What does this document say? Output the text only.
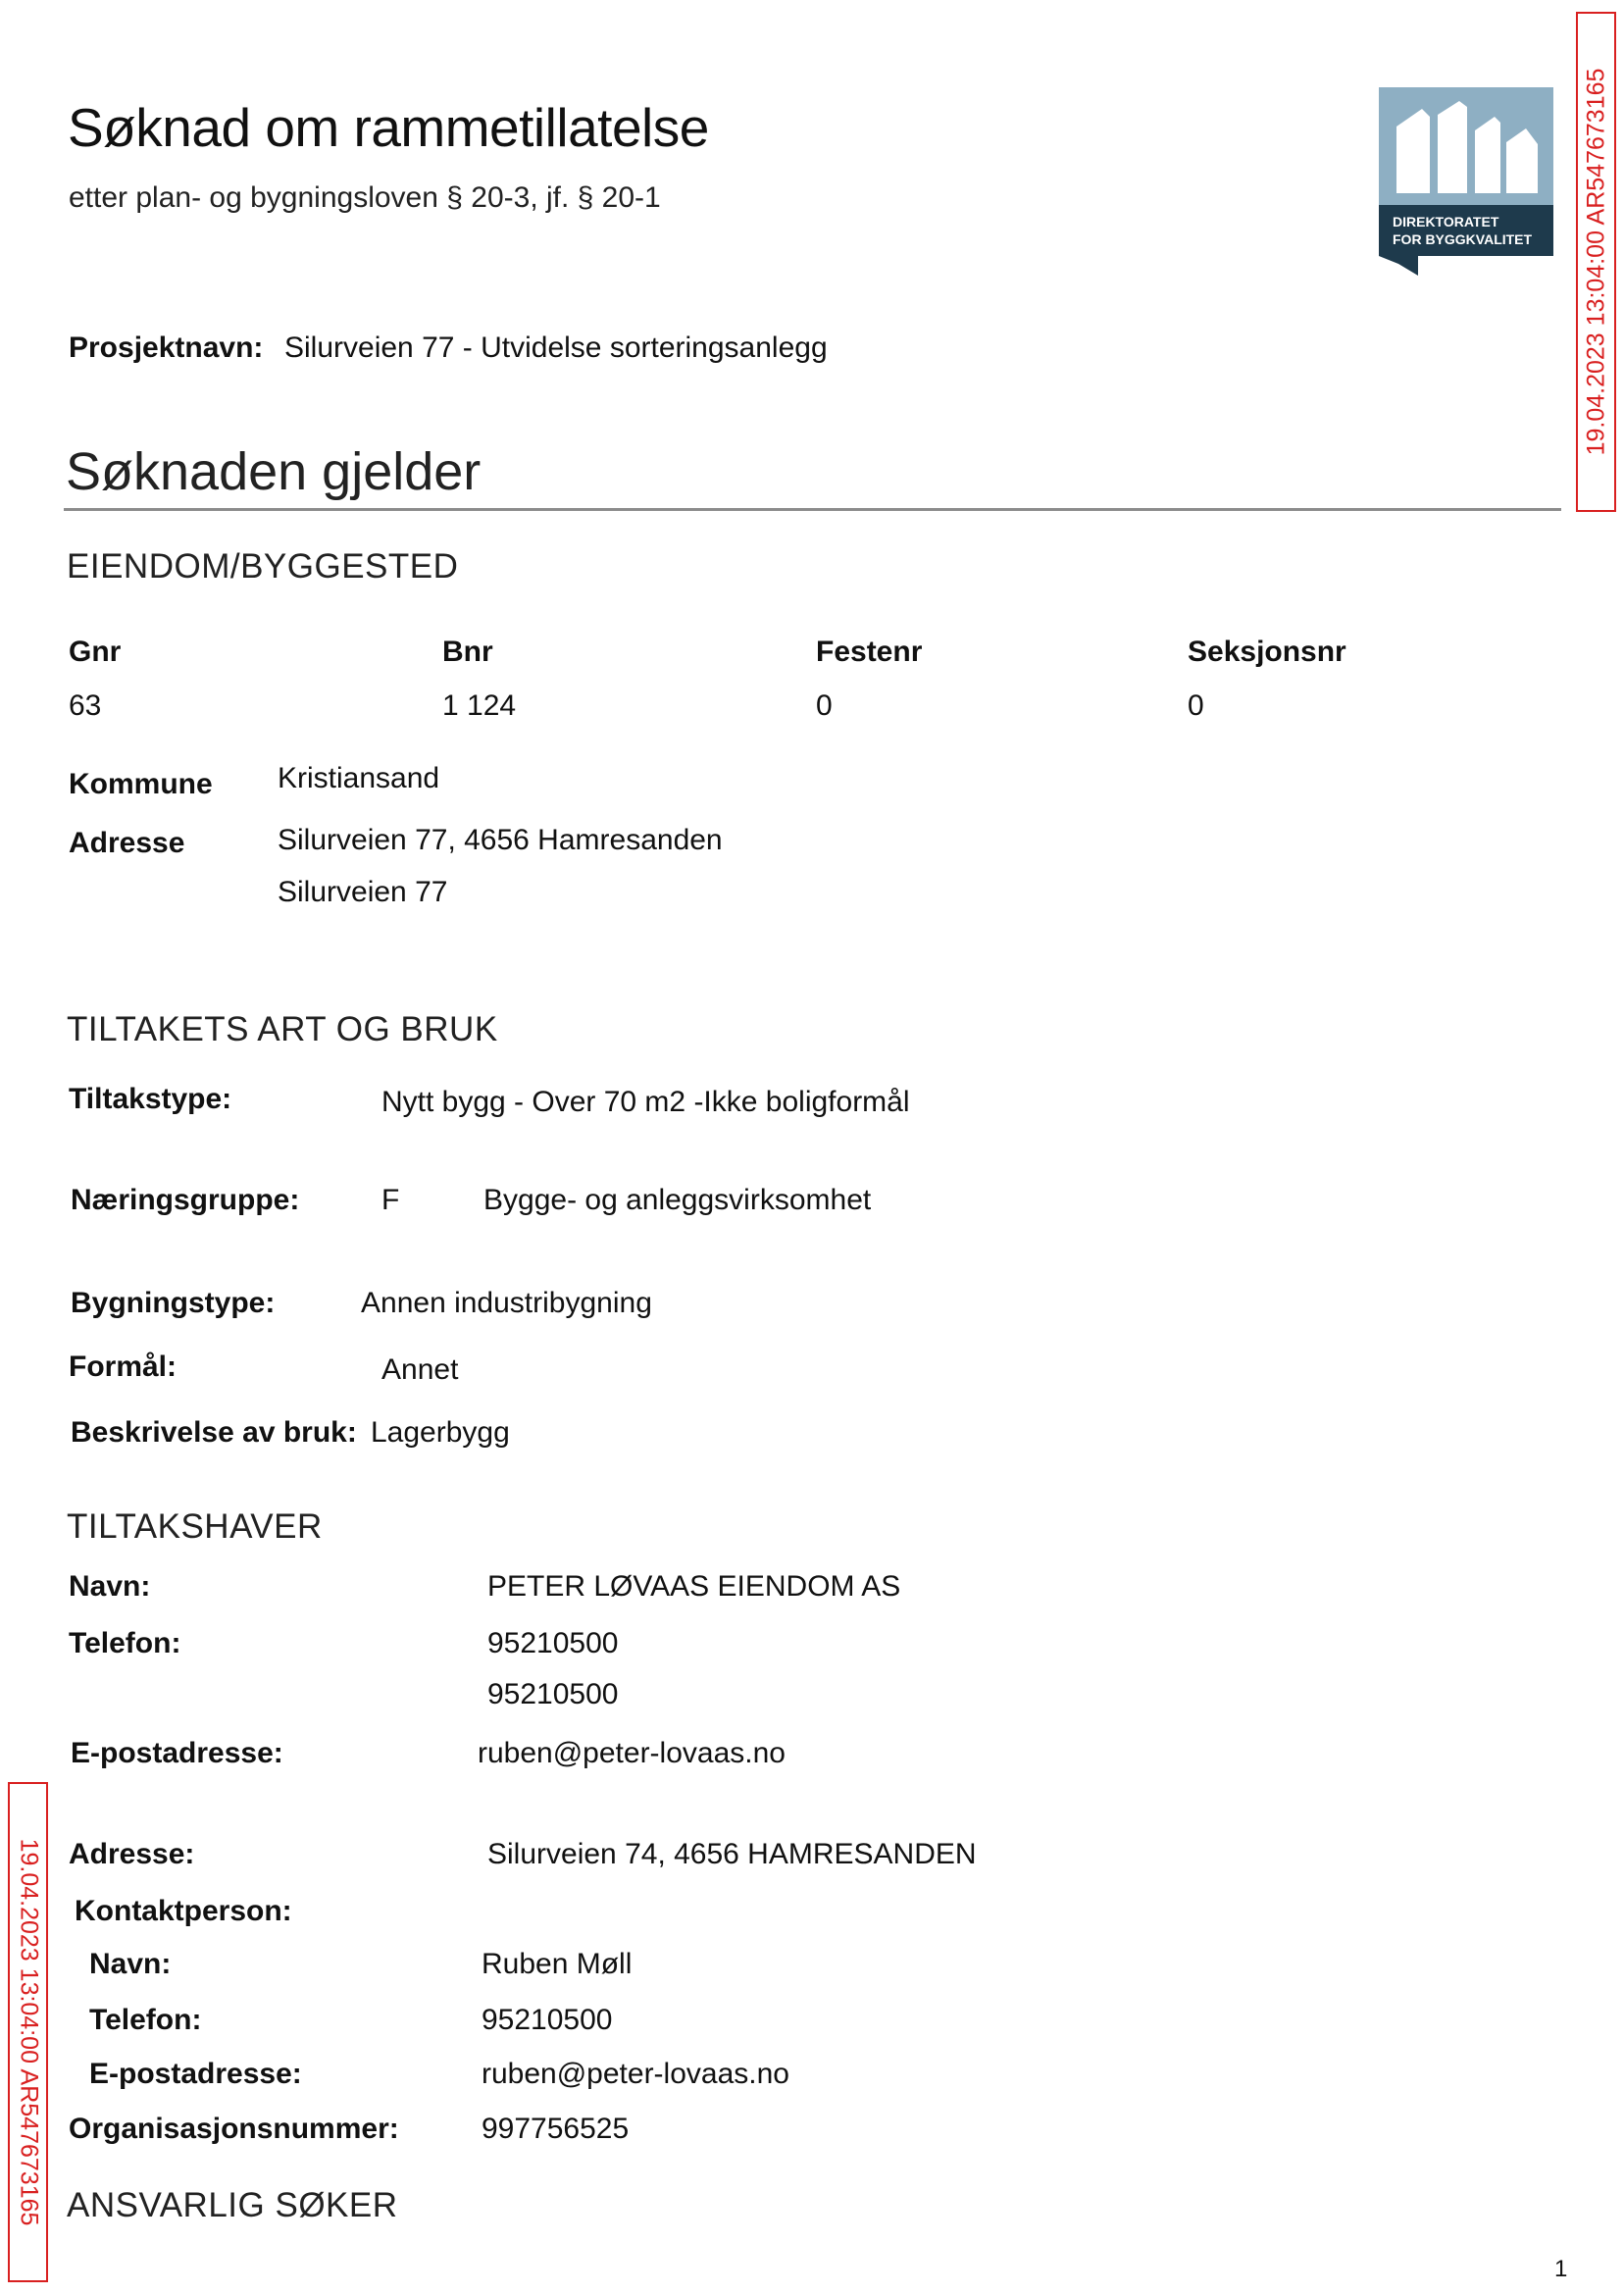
Søknad om rammetillatelse
etter plan- og bygningsloven § 20-3, jf. § 20-1
DIREKTORATET
FOR BYGGKVALITET 19.04.2023 13:04:00 AR547673165
19.04.2023 13:04:00 AR547673165
Prosjektnavn: Silurveien 77 - Utvidelse sorteringsanlegg
Søknaden gjelder
EIENDOM/BYGGESTED
Gnr	Bnr	Festenr	Seksjonsnr
63	1 124	0	0
Kommune Kristiansand
Adresse	Silurveien 77, 4656 Hamresanden
Silurveien 77
TILTAKETS ART OG BRUK
Tiltakstype:	Nytt bygg - Over 70 m2 -Ikke boligformål
Næringsgruppe:	F	Bygge- og anleggsvirksomhet
Bygningstype:	Annen industribygning
Formål:	Annet
Beskrivelse av bruk: Lagerbygg
TILTAKSHAVER
Navn:	PETER LØVAAS EIENDOM AS
Telefon:	95210500
95210500
E-postadresse:	ruben@peter-lovaas.no
Adresse:	Silurveien 74, 4656 HAMRESANDEN
Kontaktperson:
Navn:	Ruben Møll
Telefon:	95210500
E-postadresse:	ruben@peter-lovaas.no
Organisasjonsnummer:	997756525
ANSVARLIG SØKER
1
